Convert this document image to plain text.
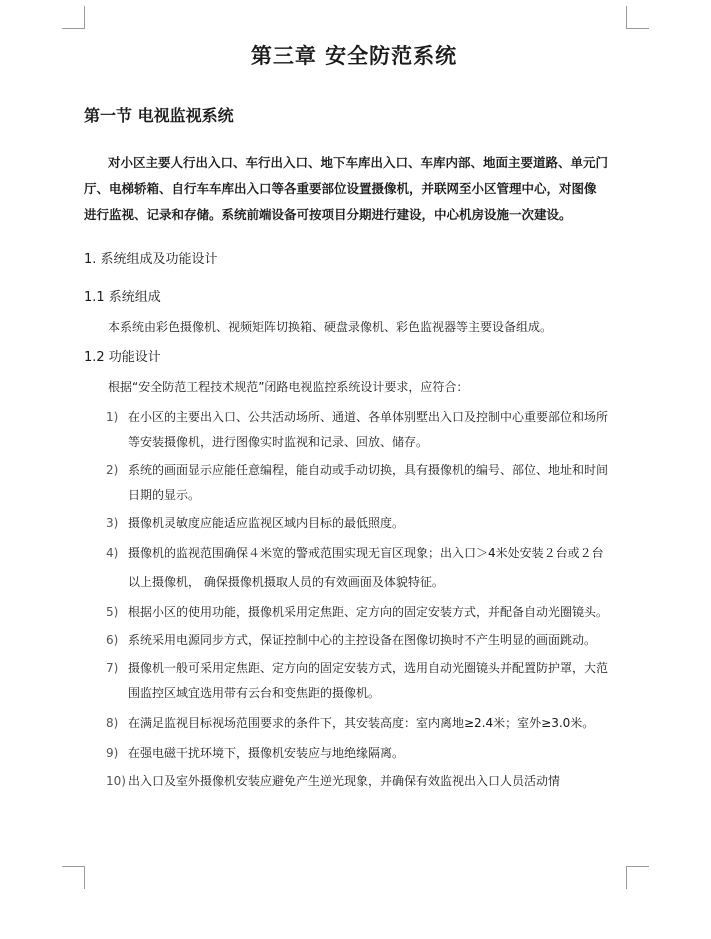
第三章 安全防范系统
第一节 电视监视系统

对小区主要人行出入口、车行出入口、地下车库出入口、车库内部、地面主要道路、单元门厅、电梯轿箱、自行车车库出入口等各重要部位设置摄像机，并联网至小区管理中心，对图像进行监视、记录和存储。系统前端设备可按项目分期进行建设，中心机房设施一次建设。

1. 系统组成及功能设计
1.1 系统组成

本系统由彩色摄像机、视频矩阵切换箱、硬盘录像机、彩色监视器等主要设备组成。

1.2 功能设计

根据“安全防范工程技术规范”闭路电视监控系统设计要求，应符合：

1) 在小区的主要出入口、公共活动场所、通道、各单体别墅出入口及控制中心重要部位和场所等安装摄像机，进行图像实时监视和记录、回放、储存。
2) 系统的画面显示应能任意编程，能自动或手动切换，具有摄像机的编号、部位、地址和时间日期的显示。
3) 摄像机灵敏度应能适应监视区域内目标的最低照度。
4) 摄像机的监视范围确保４米宽的警戒范围实现无盲区现象；出入口＞4米处安装２台或２台以上摄像机， 确保摄像机摄取人员的有效画面及体貌特征。
5) 根据小区的使用功能，摄像机采用定焦距、定方向的固定安装方式，并配备自动光圈镜头。
6) 系统采用电源同步方式，保证控制中心的主控设备在图像切换时不产生明显的画面跳动。
7) 摄像机一般可采用定焦距、定方向的固定安装方式，选用自动光圈镜头并配置防护罩，大范围监控区域宜选用带有云台和变焦距的摄像机。
8) 在满足监视目标视场范围要求的条件下，其安装高度：室内离地≥2.4米；室外≥3.0米。
9) 在强电磁干扰环境下，摄像机安装应与地绝缘隔离。
10) 出入口及室外摄像机安装应避免产生逆光现象，并确保有效监视出入口人员活动情
